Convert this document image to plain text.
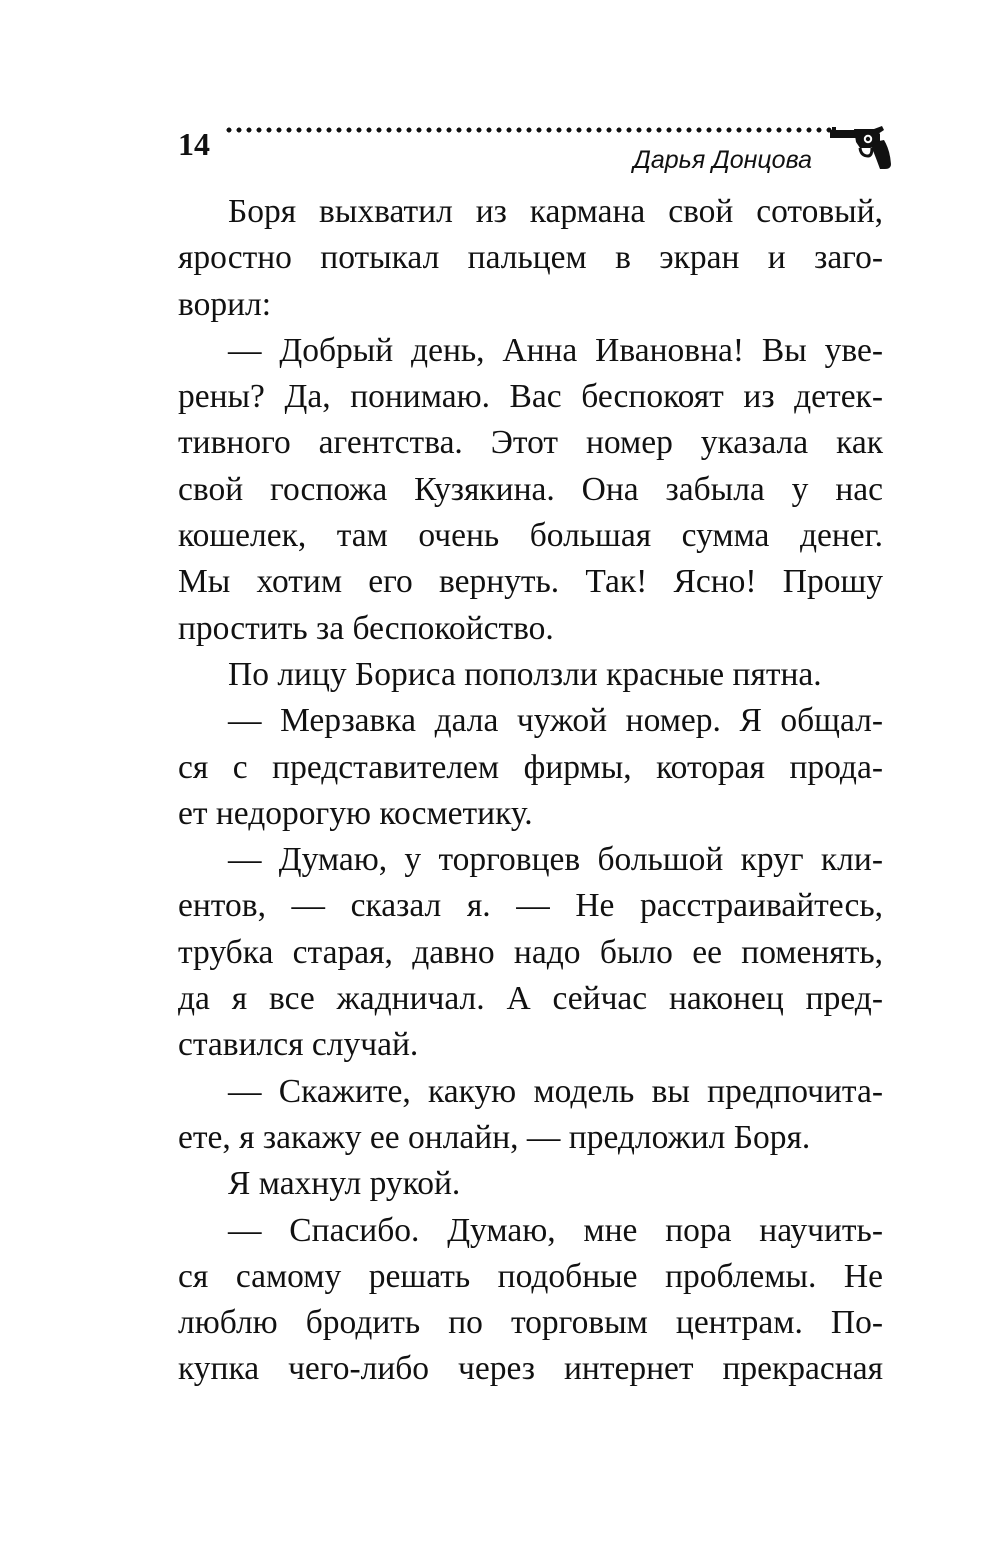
14	Дарья Донцова
Боря выхватил из кармана свой сотовый,
яростно потыкал пальцем в экран и заго-
ворил:
— Добрый день, Анна Ивановна! Вы уве-
рены? Да, понимаю. Вас беспокоят из детек-
тивного агентства. Этот номер указала как
свой госпожа Кузякина. Она забыла у нас
кошелек, там очень большая сумма денег.
Мы хотим его вернуть. Так! Ясно! Прошу
простить за беспокойство.
По лицу Бориса поползли красные пятна.
— Мерзавка дала чужой номер. Я общал-
ся с представителем фирмы, которая прода-
ет недорогую косметику.
— Думаю, у торговцев большой круг кли-
ентов, — сказал я. — Не расстраивайтесь,
трубка старая, давно надо было ее поменять,
да я все жадничал. А сейчас наконец пред-
ставился случай.
— Скажите, какую модель вы предпочита-
ете, я закажу ее онлайн, — предложил Боря.
Я махнул рукой.
— Спасибо. Думаю, мне пора научить-
ся самому решать подобные проблемы. Не
люблю бродить по торговым центрам. По-
купка чего-либо через интернет прекрасная
